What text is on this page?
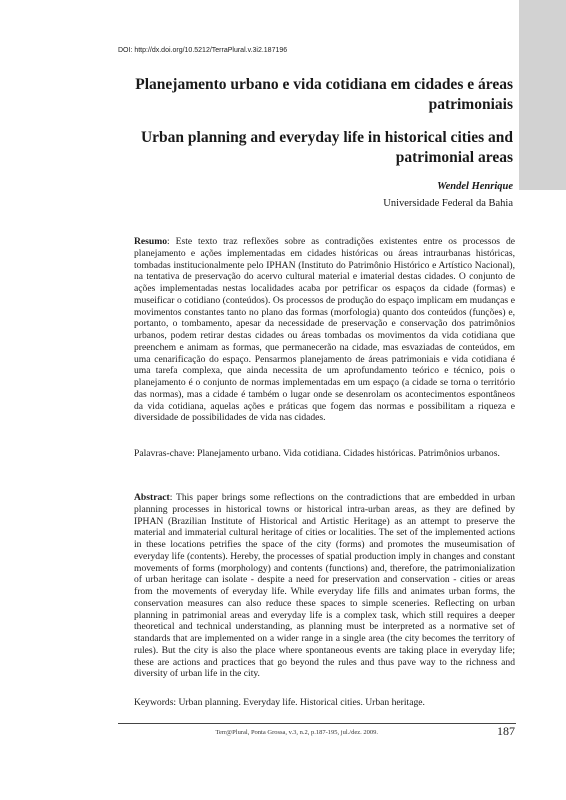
DOI: http://dx.doi.org/10.5212/TerraPlural.v.3i2.187196
Planejamento urbano e vida cotidiana em cidades e áreas patrimoniais
Urban planning and everyday life in historical cities and patrimonial areas
Wendel Henrique
Universidade Federal da Bahia
Resumo: Este texto traz reflexões sobre as contradições existentes entre os processos de planejamento e ações implementadas em cidades históricas ou áreas intraurbanas históricas, tombadas institucionalmente pelo IPHAN (Instituto do Patrimônio Histórico e Artístico Nacional), na tentativa de preservação do acervo cultural material e imaterial destas cidades. O conjunto de ações implementadas nestas localidades acaba por petrificar os espaços da cidade (formas) e museificar o cotidiano (conteúdos). Os processos de produção do espaço implicam em mudanças e movimentos constantes tanto no plano das formas (morfologia) quanto dos conteúdos (funções) e, portanto, o tombamento, apesar da necessidade de preservação e conservação dos patrimônios urbanos, podem retirar destas cidades ou áreas tombadas os movimentos da vida cotidiana que preenchem e animam as formas, que permanecerão na cidade, mas esvaziadas de conteúdos, em uma cenarificação do espaço. Pensarmos planejamento de áreas patrimoniais e vida cotidiana é uma tarefa complexa, que ainda necessita de um aprofundamento teórico e técnico, pois o planejamento é o conjunto de normas implementadas em um espaço (a cidade se torna o território das normas), mas a cidade é também o lugar onde se desenrolam os acontecimentos espontâneos da vida cotidiana, aquelas ações e práticas que fogem das normas e possibilitam a riqueza e diversidade de possibilidades de vida nas cidades.
Palavras-chave: Planejamento urbano. Vida cotidiana. Cidades históricas. Patrimônios urbanos.
Abstract: This paper brings some reflections on the contradictions that are embedded in urban planning processes in historical towns or historical intra-urban areas, as they are defined by IPHAN (Brazilian Institute of Historical and Artistic Heritage) as an attempt to preserve the material and immaterial cultural heritage of cities or localities. The set of the implemented actions in these locations petrifies the space of the city (forms) and promotes the museumisation of everyday life (contents). Hereby, the processes of spatial production imply in changes and constant movements of forms (morphology) and contents (functions) and, therefore, the patrimonialization of urban heritage can isolate - despite a need for preservation and conservation - cities or areas from the movements of everyday life. While everyday life fills and animates urban forms, the conservation measures can also reduce these spaces to simple sceneries. Reflecting on urban planning in patrimonial areas and everyday life is a complex task, which still requires a deeper theoretical and technical understanding, as planning must be interpreted as a normative set of standards that are implemented on a wider range in a single area (the city becomes the territory of rules). But the city is also the place where spontaneous events are taking place in everyday life; these are actions and practices that go beyond the rules and thus pave way to the richness and diversity of urban life in the city.
Keywords: Urban planning. Everyday life. Historical cities. Urban heritage.
Terr@Plural, Ponta Grossa, v.3, n.2, p.187-195, jul./dez. 2009.	187
